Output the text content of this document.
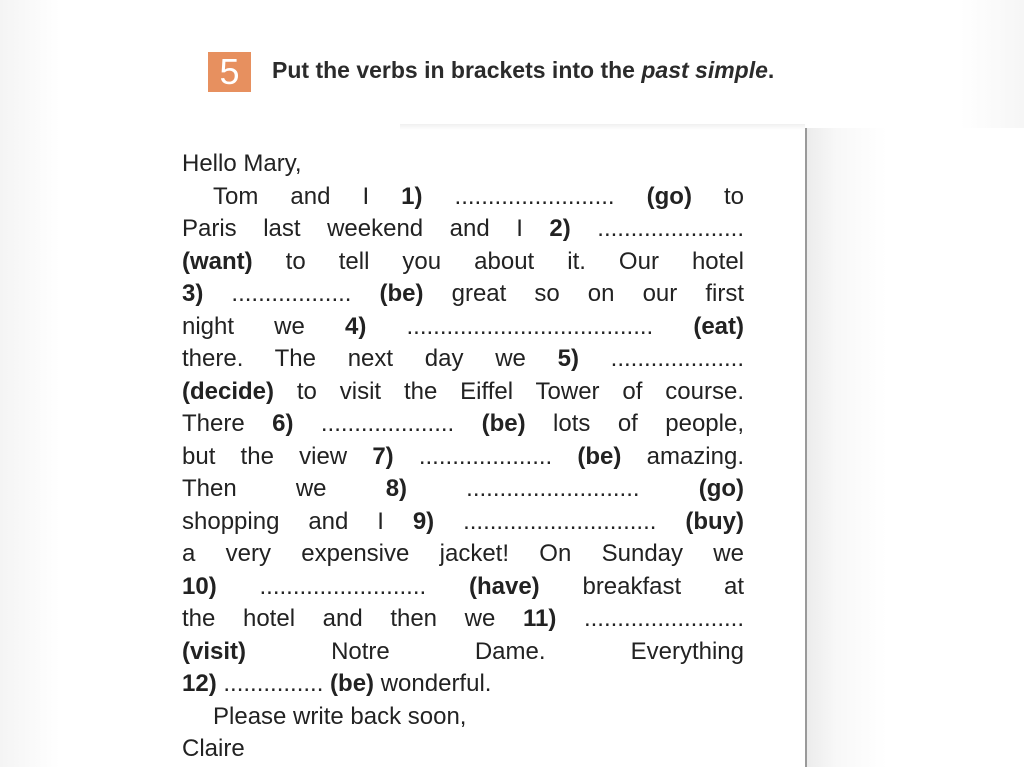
5	Put the verbs in brackets into the past simple.
Hello Mary,
Tom and I 1) ........................ (go) to
Paris last weekend and I 2) ......................
(want) to tell you about it. Our hotel
3) .................. (be) great so on our first
night we 4) ..................................... (eat)
there. The next day we 5) ....................
(decide) to visit the Eiffel Tower of course.
There 6) .................... (be) lots of people,
but the view 7) .................... (be) amazing.
Then we 8) .......................... (go)
shopping and I 9) ............................. (buy)
a very expensive jacket! On Sunday we
10) ......................... (have) breakfast at
the hotel and then we 11) ........................
(visit) Notre Dame. Everything
12) ............... (be) wonderful.
Please write back soon,
Claire
